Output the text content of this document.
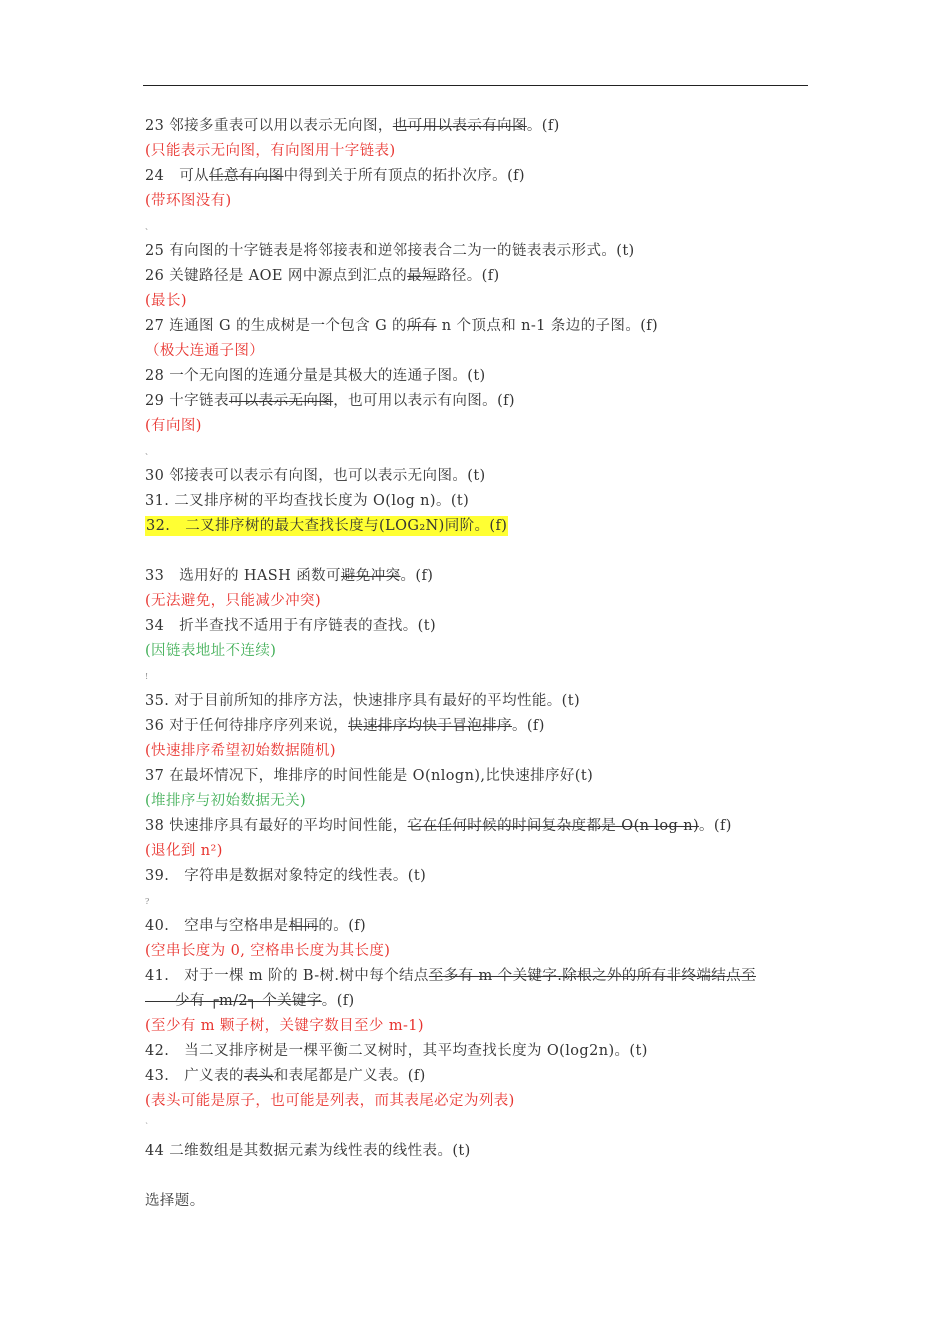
23 邻接多重表可以用以表示无向图，也可用以表示有向图。(f)
(只能表示无向图，有向图用十字链表)
24   可从任意有向图中得到关于所有顶点的拓扑次序。(f)
(带环图没有)
、
25 有向图的十字链表是将邻接表和逆邻接表合二为一的链表表示形式。(t)
26 关键路径是 AOE 网中源点到汇点的最短路径。(f)
(最长)
27 连通图 G 的生成树是一个包含 G 的所有 n 个顶点和 n-1 条边的子图。(f)
（极大连通子图）
28 一个无向图的连通分量是其极大的连通子图。(t)
29 十字链表可以表示无向图，也可用以表示有向图。(f)
(有向图)
、
30 邻接表可以表示有向图，也可以表示无向图。(t)
31. 二叉排序树的平均查找长度为 O(log n)。(t)
32.   二叉排序树的最大查找长度与(LOG₂N)同阶。(f)
33   选用好的 HASH 函数可避免冲突。(f)
(无法避免，只能减少冲突)
34   折半查找不适用于有序链表的查找。(t)
(因链表地址不连续)
!
35. 对于目前所知的排序方法，快速排序具有最好的平均性能。(t)
36 对于任何待排序序列来说，快速排序均快于冒泡排序。(f)
(快速排序希望初始数据随机)
37 在最坏情况下，堆排序的时间性能是 O(nlogn),比快速排序好(t)
(堆排序与初始数据无关)
38 快速排序具有最好的平均时间性能，它在任何时候的时间复杂度都是 O(n log n)。(f)
(退化到 n²)
39.   字符串是数据对象特定的线性表。(t)
?
40.   空串与空格串是相同的。(f)
(空串长度为 0, 空格串长度为其长度)
41.   对于一棵 m 阶的 B-树.树中每个结点至多有 m 个关键字.除根之外的所有非终端结点至
少有 ┌m/2┐ 个关键字。(f)
(至少有 m 颗子树，关键字数目至少 m-1)
42.   当二叉排序树是一棵平衡二叉树时，其平均查找长度为 O(log2n)。(t)
43.   广义表的表头和表尾都是广义表。(f)
(表头可能是原子，也可能是列表，而其表尾必定为列表)
`
44 二维数组是其数据元素为线性表的线性表。(t)
选择题。
